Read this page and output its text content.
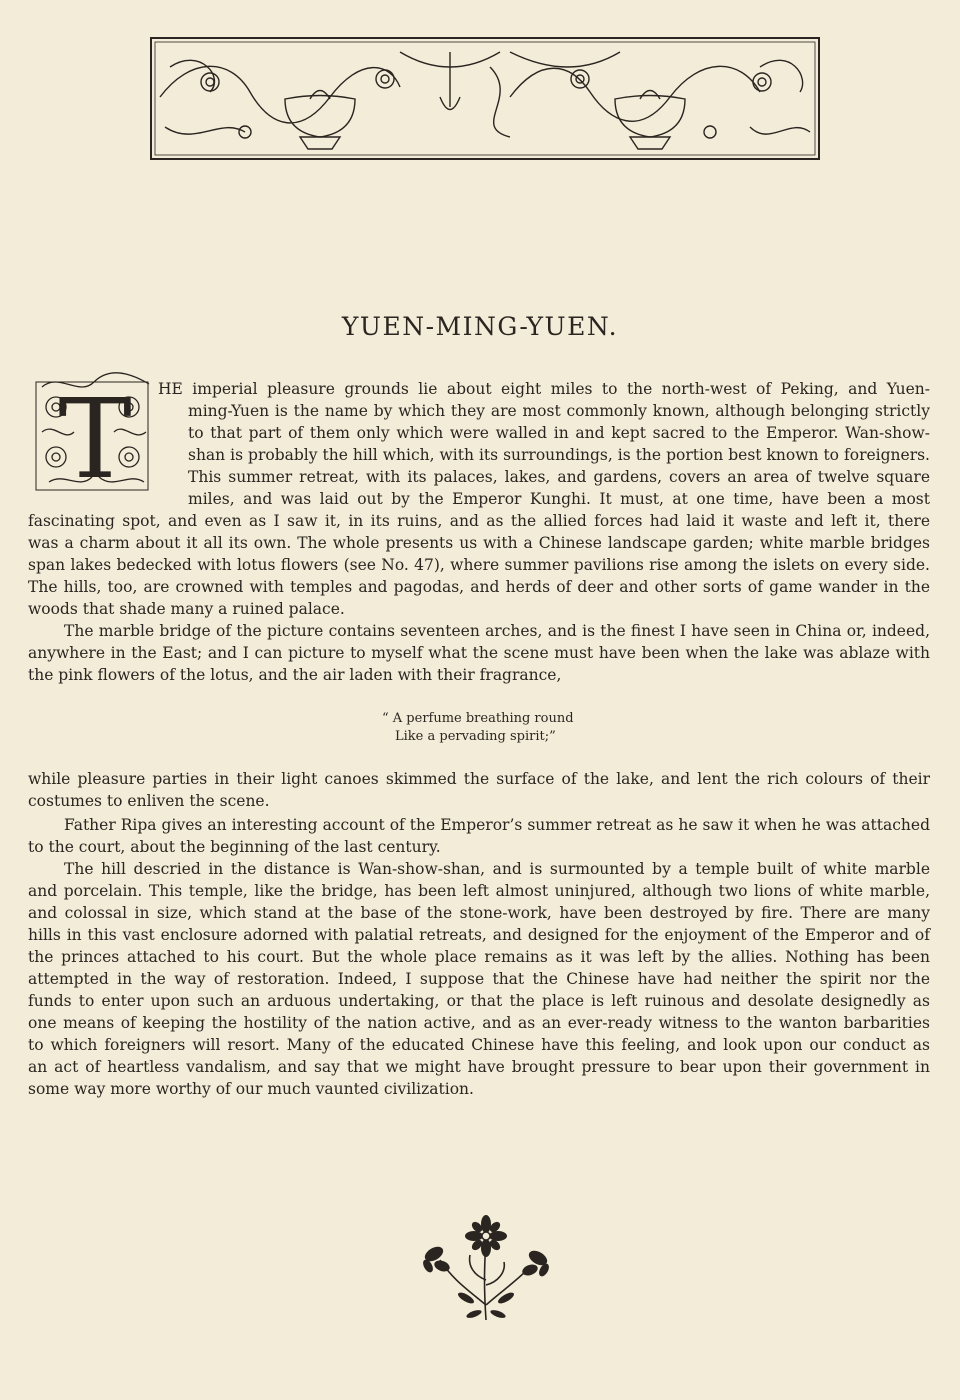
YUEN-MING-YUEN.
T	HE imperial pleasure grounds lie about eight miles to the north-west of Peking, and Yuen-
ming-Yuen is the name by which they are most commonly known, although belonging strictly
to that part of them only which were walled in and kept sacred to the Emperor. Wan-show-
shan is probably the hill which, with its surroundings, is the portion best known to foreigners.
This summer retreat, with its palaces, lakes, and gardens, covers an area of twelve square
miles, and was laid out by the Emperor Kunghi. It must, at one time, have been a most
fascinating spot, and even as I saw it, in its ruins, and as the allied forces had laid it waste and left it, there
was a charm about it all its own. The whole presents us with a Chinese landscape garden; white marble bridges
span lakes bedecked with lotus flowers (see No. 47), where summer pavilions rise among the islets on every side.
The hills, too, are crowned with temples and pagodas, and herds of deer and other sorts of game wander in the
woods that shade many a ruined palace.
The marble bridge of the picture contains seventeen arches, and is the finest I have seen in China or, indeed,
anywhere in the East; and I can picture to myself what the scene must have been when the lake was ablaze with
the pink flowers of the lotus, and the air laden with their fragrance,
“ A perfume breathing round
Like a pervading spirit;”
while pleasure parties in their light canoes skimmed the surface of the lake, and lent the rich colours of their
costumes to enliven the scene.
Father Ripa gives an interesting account of the Emperor’s summer retreat as he saw it when he was attached
to the court, about the beginning of the last century.
The hill descried in the distance is Wan-show-shan, and is surmounted by a temple built of white marble
and porcelain. This temple, like the bridge, has been left almost uninjured, although two lions of white marble,
and colossal in size, which stand at the base of the stone-work, have been destroyed by fire. There are many
hills in this vast enclosure adorned with palatial retreats, and designed for the enjoyment of the Emperor and of
the princes attached to his court. But the whole place remains as it was left by the allies. Nothing has been
attempted in the way of restoration. Indeed, I suppose that the Chinese have had neither the spirit nor the
funds to enter upon such an arduous undertaking, or that the place is left ruinous and desolate designedly as
one means of keeping the hostility of the nation active, and as an ever-ready witness to the wanton barbarities
to which foreigners will resort. Many of the educated Chinese have this feeling, and look upon our conduct as
an act of heartless vandalism, and say that we might have brought pressure to bear upon their government in
some way more worthy of our much vaunted civilization.
